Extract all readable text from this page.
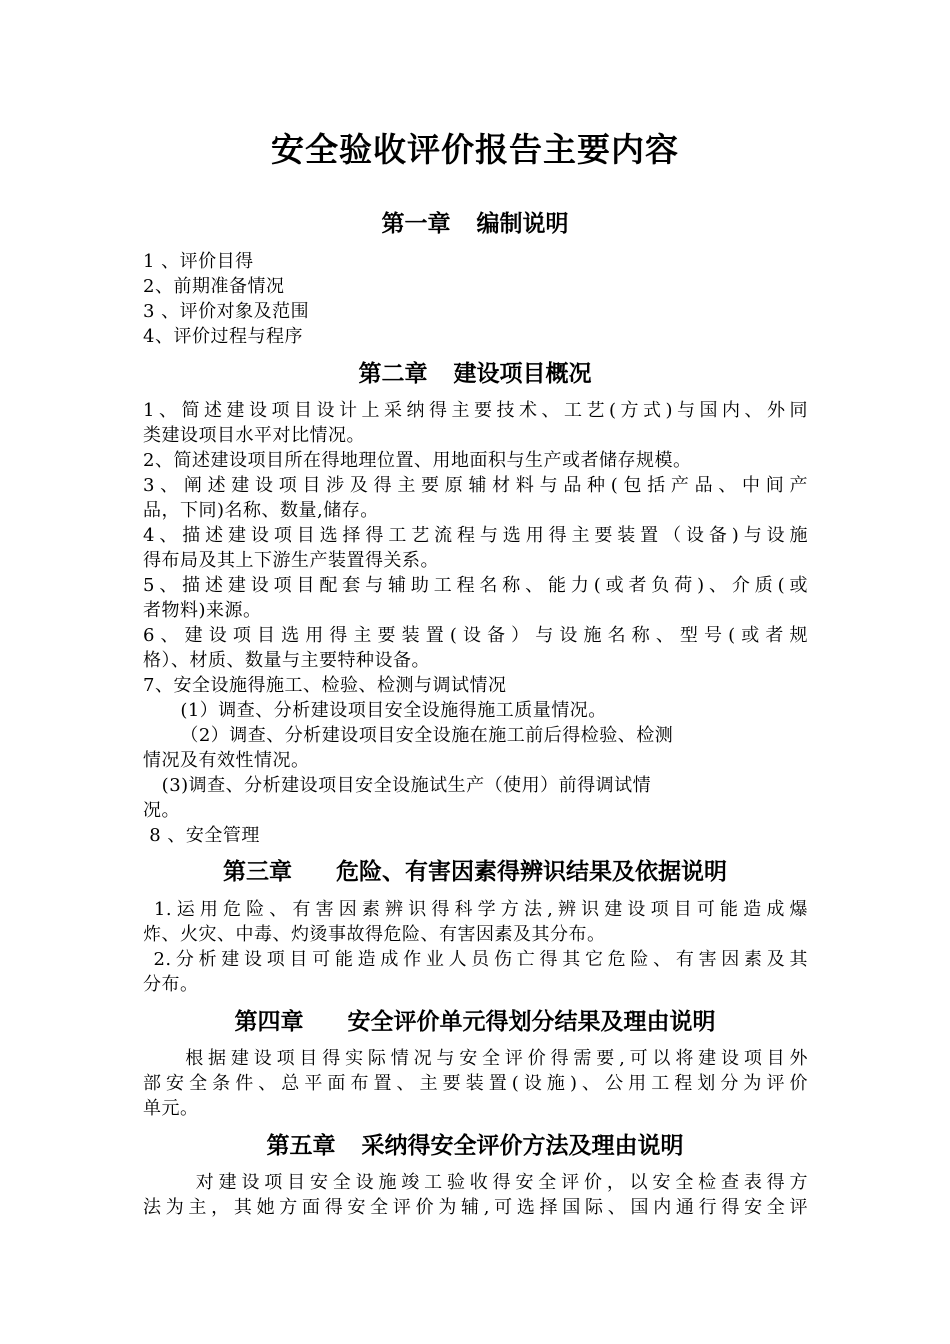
安全验收评价报告主要内容
第一章 编制说明
1 、评价目得
2、前期准备情况
3 、评价对象及范围
4、评价过程与程序
第二章 建设项目概况
1、简述建设项目设计上采纳得主要技术、工艺(方式)与国内、外同
类建设项目水平对比情况。
2、简述建设项目所在得地理位置、用地面积与生产或者储存规模。
3、阐述建设项目涉及得主要原辅材料与品种(包括产品、中间产
品，下同)名称、数量,储存。
4、描述建设项目选择得工艺流程与选用得主要装置（设备)与设施
得布局及其上下游生产装置得关系。
5、描述建设项目配套与辅助工程名称、能力(或者负荷)、介质(或
者物料)来源。
6、建设项目选用得主要装置(设备）与设施名称、型号(或者规
格）、材质、数量与主要特种设备。
7、安全设施得施工、检验、检测与调试情况
(1）调查、分析建设项目安全设施得施工质量情况。
（2）调查、分析建设项目安全设施在施工前后得检验、检测
情况及有效性情况。
(3)调查、分析建设项目安全设施试生产（使用）前得调试情
况。
8 、安全管理
第三章 危险、有害因素得辨识结果及依据说明
1.运用危险、有害因素辨识得科学方法,辨识建设项目可能造成爆
炸、火灾、中毒、灼烫事故得危险、有害因素及其分布。
2.分析建设项目可能造成作业人员伤亡得其它危险、有害因素及其
分布。
第四章 安全评价单元得划分结果及理由说明
根据建设项目得实际情况与安全评价得需要,可以将建设项目外
部安全条件、总平面布置、主要装置(设施)、公用工程划分为评价
单元。
第五章 采纳得安全评价方法及理由说明
对建设项目安全设施竣工验收得安全评价，以安全检查表得方
法为主，其她方面得安全评价为辅,可选择国际、国内通行得安全评
